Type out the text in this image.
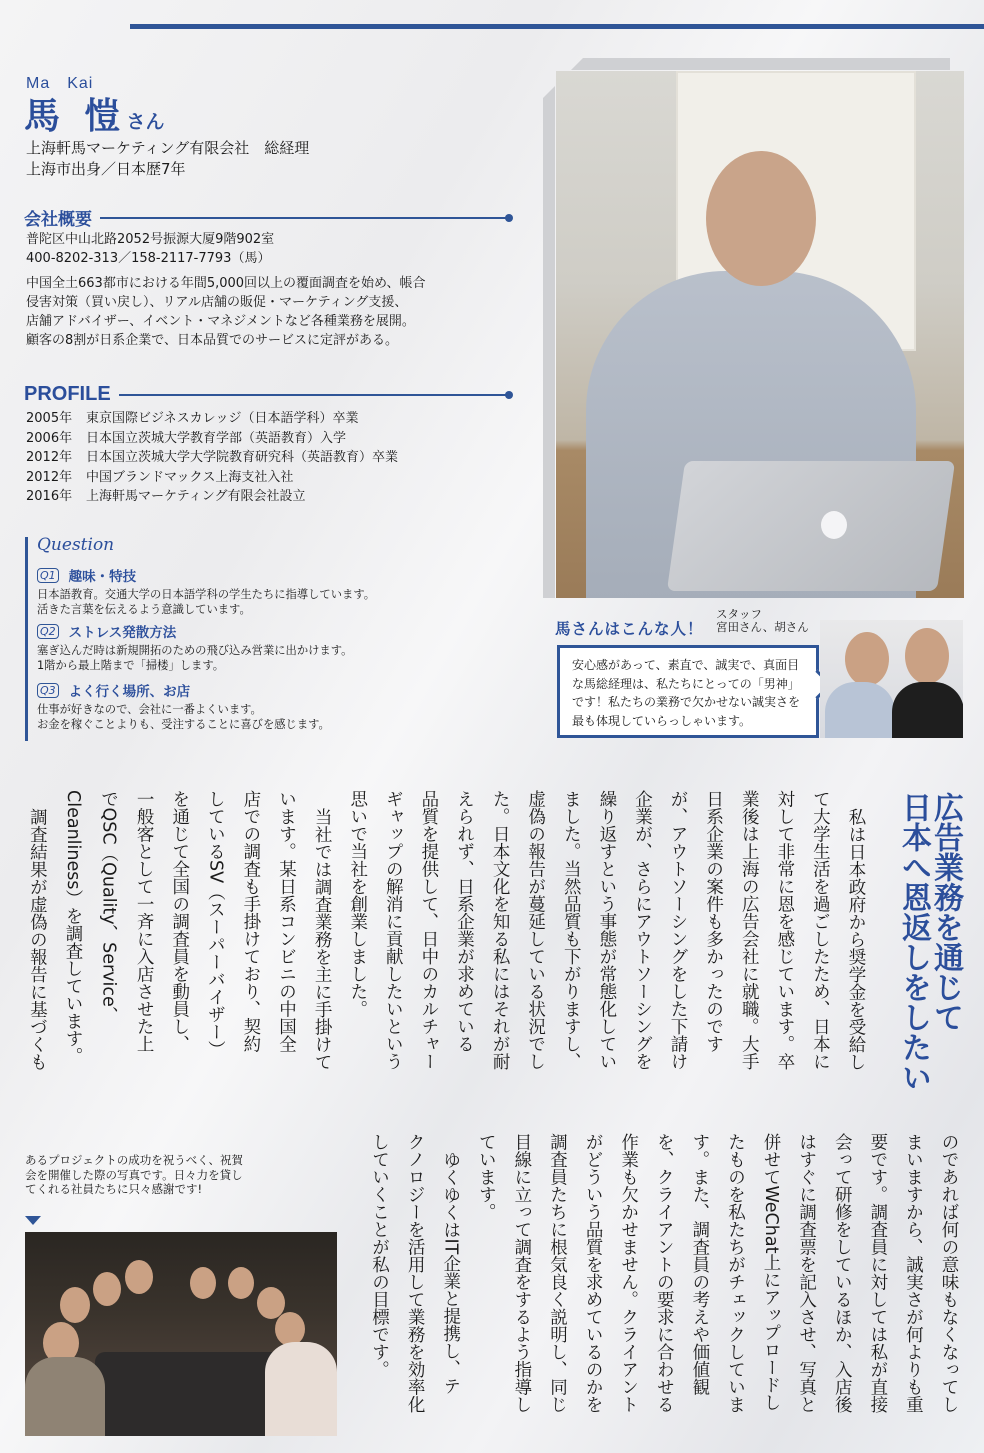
Ma　Kai
馬 愷さん
上海軒馬マーケティング有限会社　総経理
上海市出身／日本歴7年
会社概要
普陀区中山北路2052号振源大厦9階902室
400-8202-313／158-2117-7793（馬）
中国全土663都市における年間5,000回以上の覆面調査を始め、帳合
侵害対策（買い戻し）、リアル店舗の販促・マーケティング支援、
店舗アドバイザー、イベント・マネジメントなど各種業務を展開。
顧客の8割が日系企業で、日本品質でのサービスに定評がある。
PROFILE
2005年 東京国際ビジネスカレッジ（日本語学科）卒業
2006年 日本国立茨城大学教育学部（英語教育）入学
2012年 日本国立茨城大学大学院教育研究科（英語教育）卒業
2012年 中国ブランドマックス上海支社入社
2016年 上海軒馬マーケティング有限会社設立
Question
Q1 趣味・特技
日本語教育。交通大学の日本語学科の学生たちに指導しています。
活きた言葉を伝えるよう意識しています。
Q2 ストレス発散方法
塞ぎ込んだ時は新規開拓のための飛び込み営業に出かけます。
1階から最上階まで「掃楼」します。
Q3 よく行く場所、お店
仕事が好きなので、会社に一番よくいます。
お金を稼ぐことよりも、受注することに喜びを感じます。
馬さんはこんな人！
スタッフ
宮田さん、胡さん
安心感があって、素直で、誠実で、真面目な馬総経理は、私たちにとっての「男神」です！私たちの業務で欠かせない誠実さを最も体現していらっしゃいます。
広告業務を通じて
日本へ恩返しをしたい
私は日本政府から奨学金を受給し
て大学生活を過ごしたため、日本に
対して非常に恩を感じています。卒
業後は上海の広告会社に就職。大手
日系企業の案件も多かったのです
が、アウトソーシングをした下請け
企業が、さらにアウトソーシングを
繰り返すという事態が常態化してい
ました。当然品質も下がりますし、
虚偽の報告が蔓延している状況でし
た。日本文化を知る私にはそれが耐
えられず、日系企業が求めている
品質を提供して、日中のカルチャー
ギャップの解消に貢献したいという
思いで当社を創業しました。
当社では調査業務を主に手掛けて
います。某日系コンビニの中国全
店での調査も手掛けており、契約
しているSV（スーパーバイザー）
を通じて全国の調査員を動員し、
一般客として一斉に入店させた上
でQSC（Quality、Service、
Cleanliness）を調査しています。
調査結果が虚偽の報告に基づくも
のであれば何の意味もなくなってし
まいますから、誠実さが何よりも重
要です。調査員に対しては私が直接
会って研修をしているほか、入店後
はすぐに調査票を記入させ、写真と
併せてWeChat上にアップロードし
たものを私たちがチェックしていま
す。また、調査員の考えや価値観
を、クライアントの要求に合わせる
作業も欠かせません。クライアント
がどういう品質を求めているのかを
調査員たちに根気良く説明し、同じ
目線に立って調査をするよう指導し
ています。
ゆくゆくはIT企業と提携し、テ
クノロジーを活用して業務を効率化
していくことが私の目標です。
あるプロジェクトの成功を祝うべく、祝賀会を開催した際の写真です。日々力を貸してくれる社員たちに只々感謝です!
